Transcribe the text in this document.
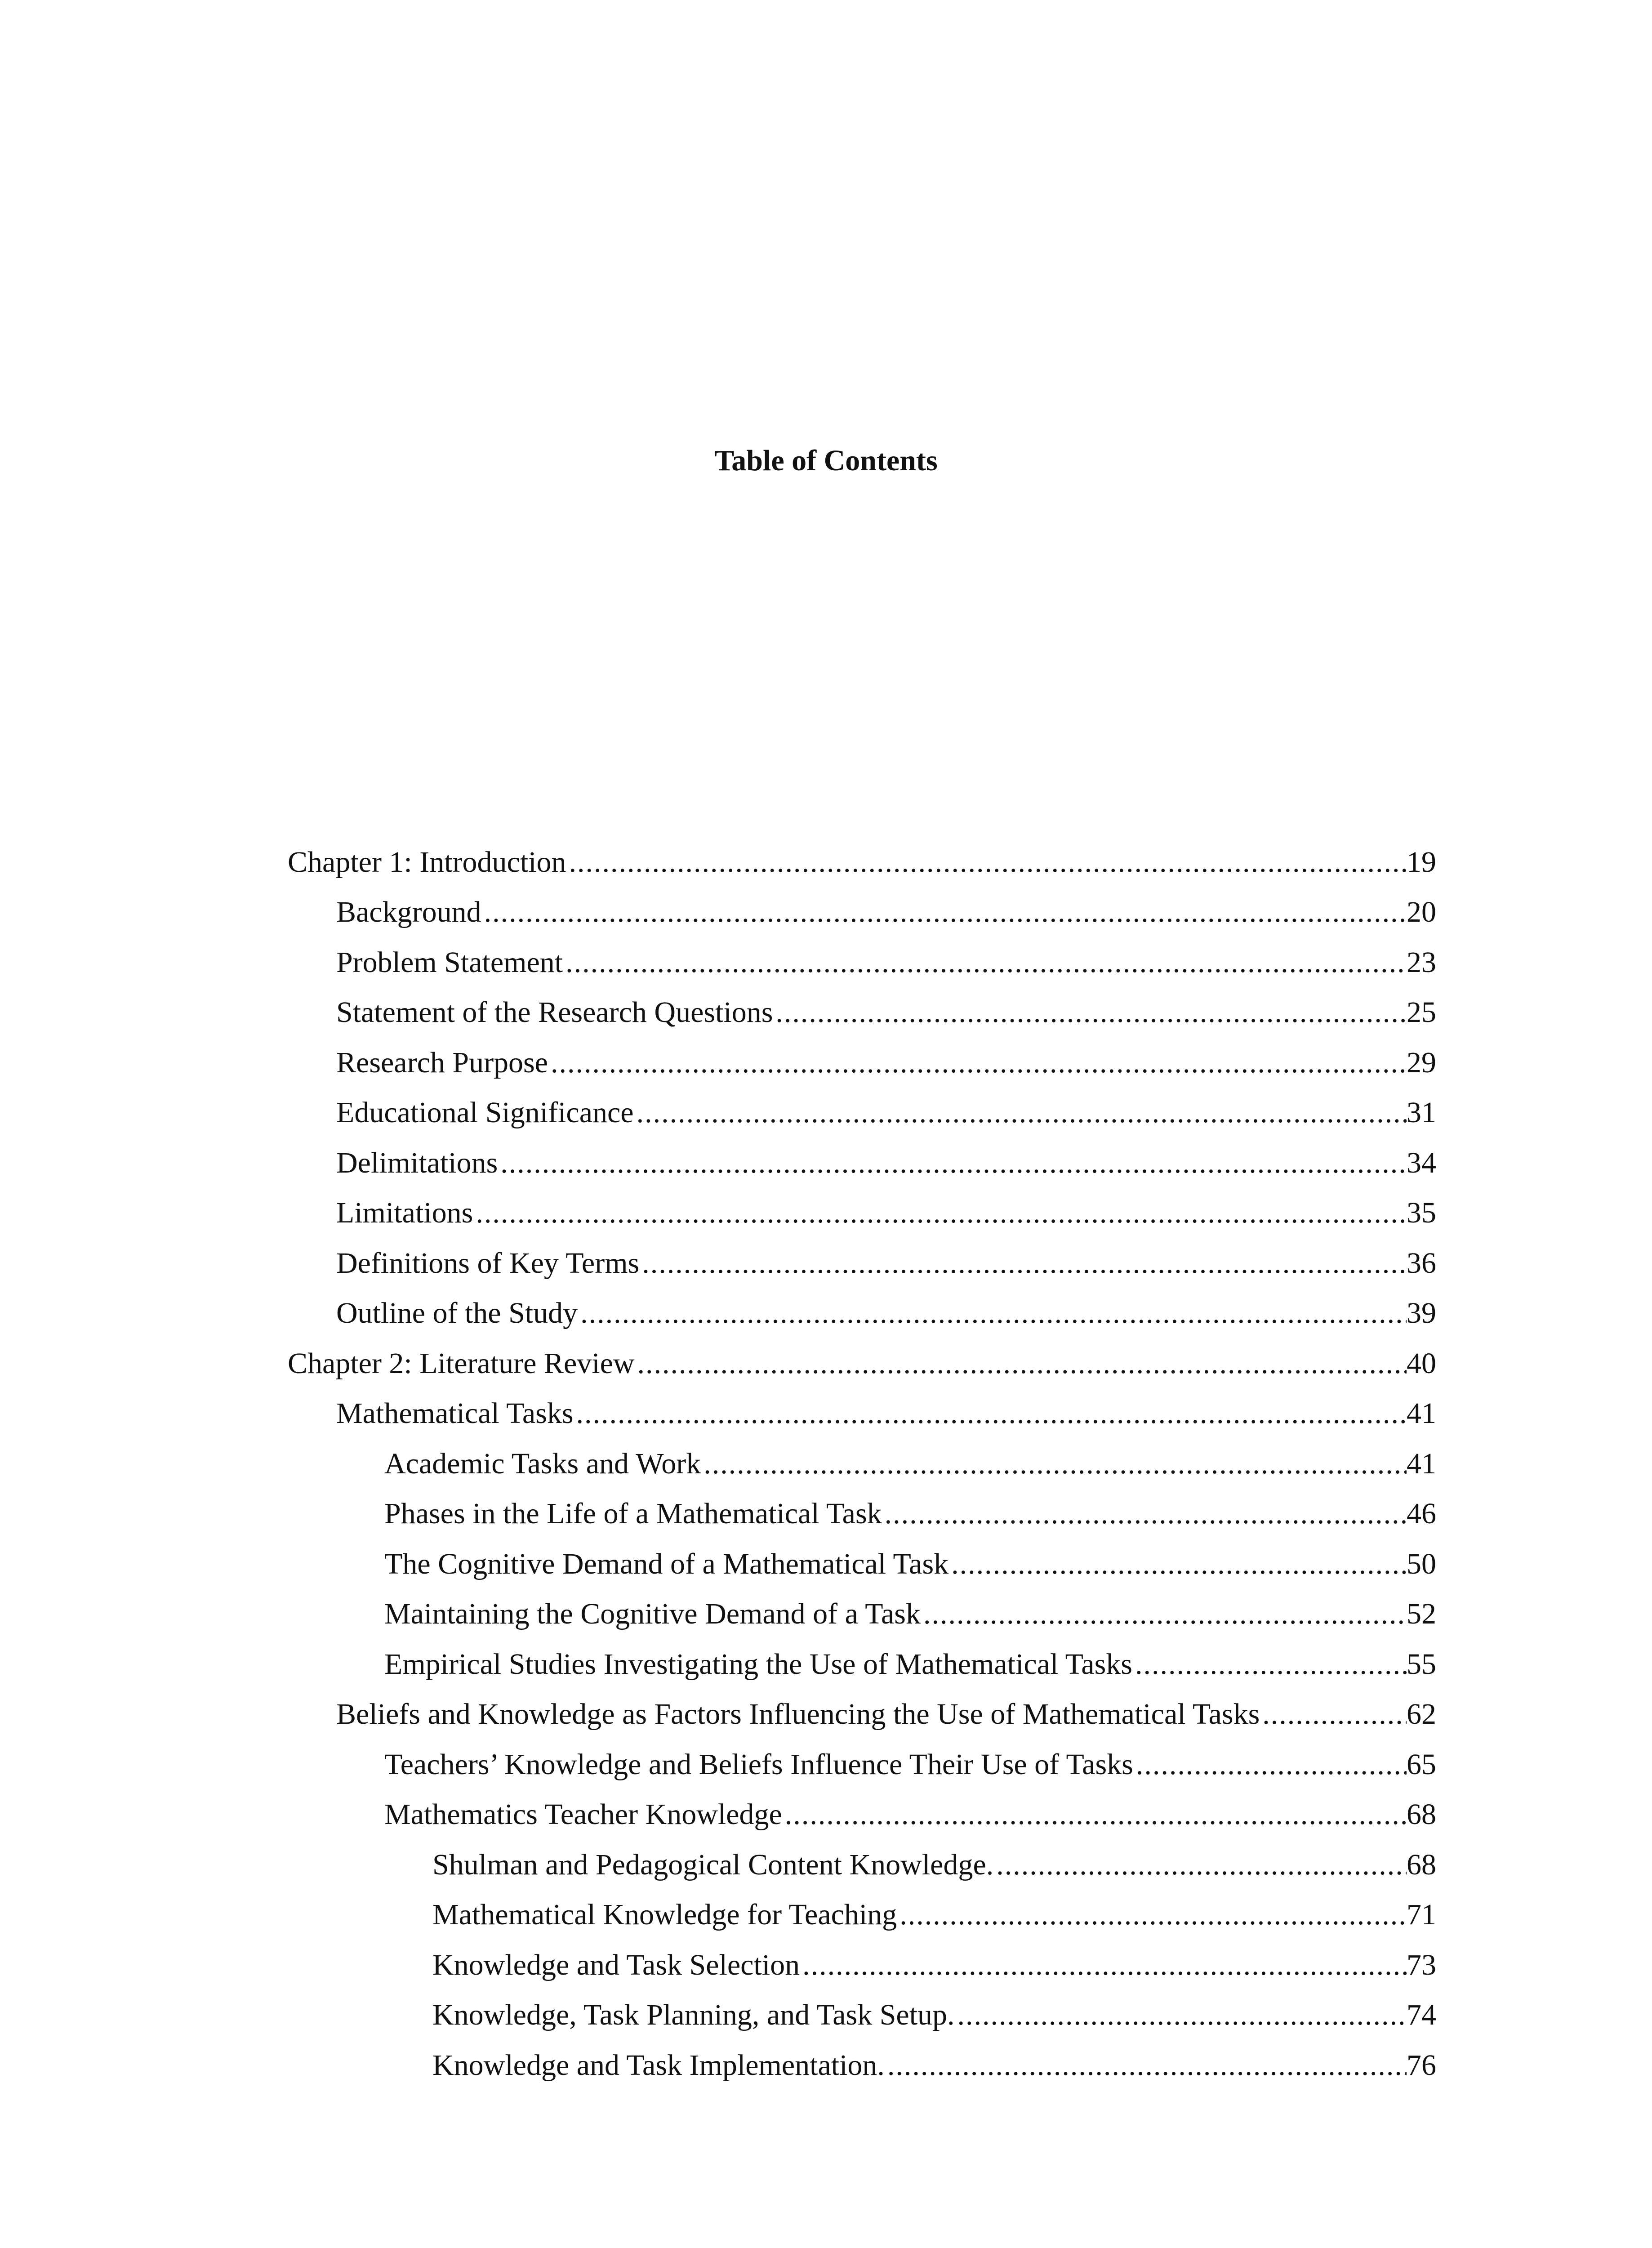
Table of Contents
Chapter 1: Introduction .....	19
Background .....	20
Problem Statement .....	23
Statement of the Research Questions .....	25
Research Purpose .....	29
Educational Significance .....	31
Delimitations .....	34
Limitations .....	35
Definitions of Key Terms .....	36
Outline of the Study .....	39
Chapter 2: Literature Review .....	40
Mathematical Tasks .....	41
Academic Tasks and Work .....	41
Phases in the Life of a Mathematical Task .....	46
The Cognitive Demand of a Mathematical Task .....	50
Maintaining the Cognitive Demand of a Task .....	52
Empirical Studies Investigating the Use of Mathematical Tasks .....	55
Beliefs and Knowledge as Factors Influencing the Use of Mathematical Tasks .....	62
Teachers’ Knowledge and Beliefs Influence Their Use of Tasks .....	65
Mathematics Teacher Knowledge .....	68
Shulman and Pedagogical Content Knowledge. .....	68
Mathematical Knowledge for Teaching .....	71
Knowledge and Task Selection .....	73
Knowledge, Task Planning, and Task Setup. .....	74
Knowledge and Task Implementation. .....	76
